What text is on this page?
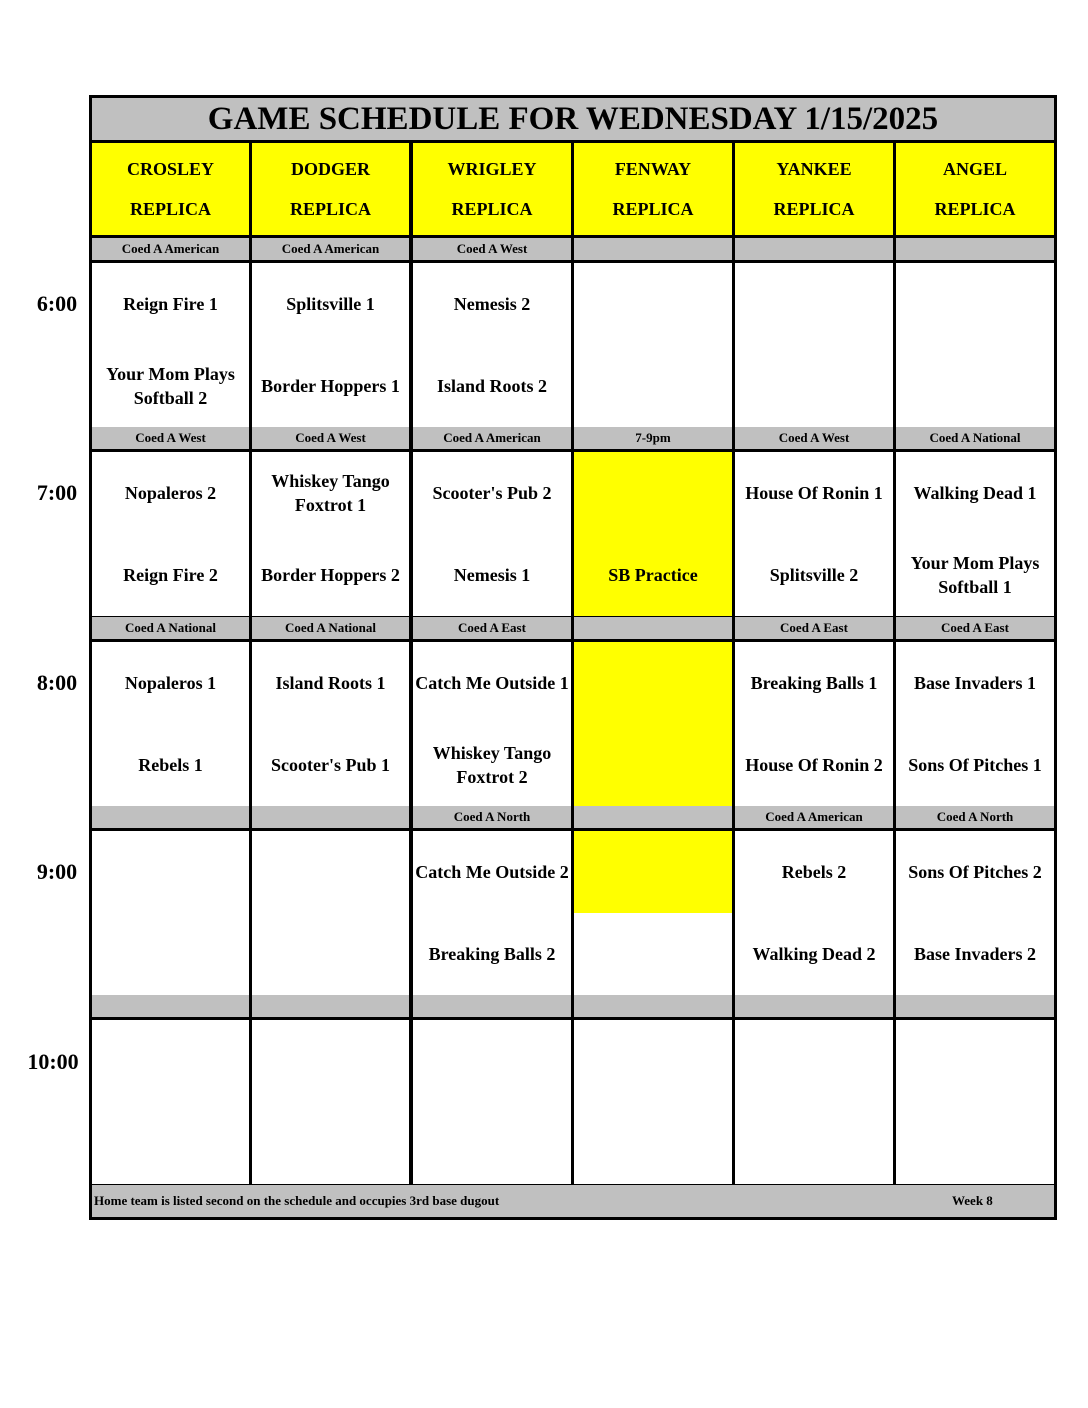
GAME SCHEDULE FOR WEDNESDAY 1/15/2025
CROSLEY
REPLICA
DODGER
REPLICA
WRIGLEY
REPLICA
FENWAY
REPLICA
YANKEE
REPLICA
ANGEL
REPLICA
Coed A American
Reign Fire 1
Your Mom Plays Softball 2
Coed A American
Splitsville 1
Border Hoppers 1
Coed A West
Nemesis 2
Island Roots 2
Coed A West
Nopaleros 2
Reign Fire 2
Coed A West
Whiskey Tango Foxtrot 1
Border Hoppers 2
Coed A American
Scooter's Pub 2
Nemesis 1
7-9pm
SB Practice
Coed A West
House Of Ronin 1
Splitsville 2
Coed A National
Walking Dead 1
Your Mom Plays Softball 1
Coed A National
Nopaleros 1
Rebels 1
Coed A National
Island Roots 1
Scooter's Pub 1
Coed A East
Catch Me Outside 1
Whiskey Tango Foxtrot 2
Coed A East
Breaking Balls 1
House Of Ronin 2
Coed A East
Base Invaders 1
Sons Of Pitches 1
Coed A North
Catch Me Outside 2
Breaking Balls 2
Coed A American
Rebels 2
Walking Dead 2
Coed A North
Sons Of Pitches 2
Base Invaders 2
Home team is listed second on the schedule and occupies 3rd base dugout	Week 8
6:00
7:00
8:00
9:00
10:00
